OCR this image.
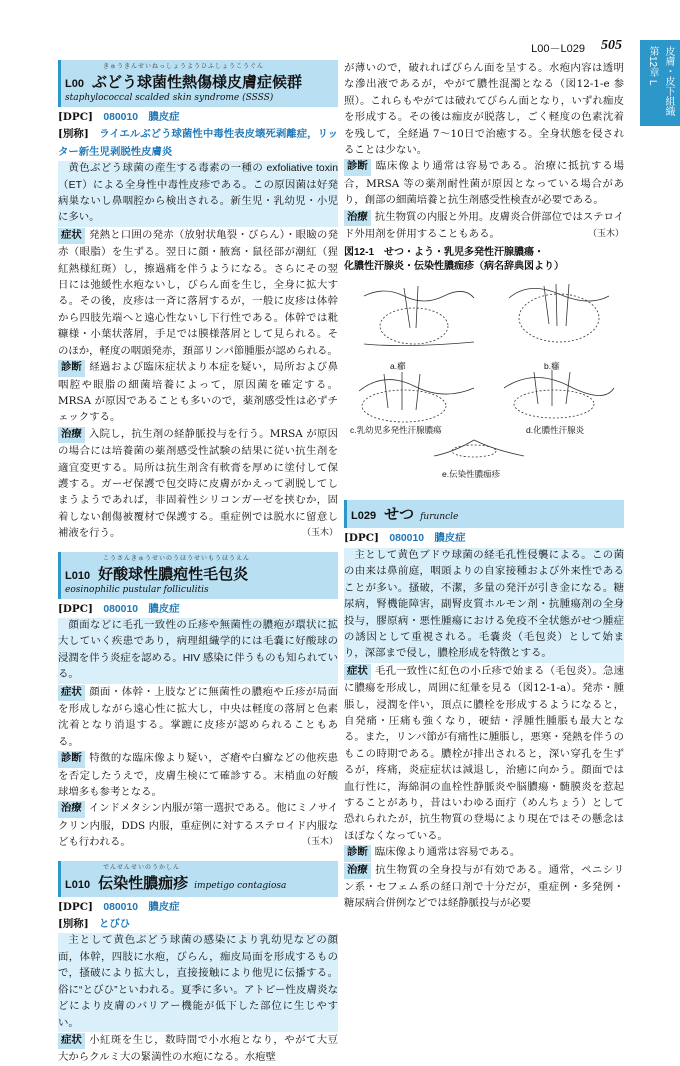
L00－L029 505
皮膚・皮下組織
第12章 L
きゅうきんせいねっしょうようひふしょうこうぐん
L00 ぶどう球菌性熱傷様皮膚症候群
staphylococcal scalded skin syndrome (SSSS)
[DPC]　 080010　 膿皮症
[別称]　 ライエルぶどう球菌性中毒性表皮壊死剥離症，リッター新生児剥脱性皮膚炎

黄色ぶどう球菌の産生する毒素の一種の exfoliative toxin（ET）による全身性中毒性皮疹である。この原因菌は好発病巣ないし鼻咽腔から検出される。新生児・乳幼児・小児に多い。

症状 発熱と口囲の発赤（放射状亀裂・びらん）・眼瞼の発赤（眼脂）を生ずる。翌日に顔・腋窩・鼠径部が潮紅（猩紅熱様紅斑）し，擦過痛を伴うようになる。さらにその翌日には弛緩性水疱ないし，びらん面を生じ，全身に拡大する。その後，皮疹は一斉に落屑するが，一般に皮疹は体幹から四肢先端へと遠心性ないし下行性である。体幹では粃糠様・小葉状落屑，手足では膜様落屑として見られる。そのほか，軽度の咽頭発赤，頚部リンパ節腫脹が認められる。
診断 経過および臨床症状より本症を疑い，局所および鼻咽腔や眼脂の細菌培養によって，原因菌を確定する。MRSA が原因であることも多いので，薬剤感受性は必ずチェックする。
治療 入院し，抗生剤の経静脈投与を行う。MRSA が原因の場合には培養菌の薬剤感受性試験の結果に従い抗生剤を適宜変更する。局所は抗生剤含有軟膏を厚めに塗付して保護する。ガーゼ保護で包交時に皮膚がかえって剥脱してしまうようであれば，非固着性シリコンガーゼを挟むか，固着しない創傷被覆材で保護する。重症例では脱水に留意し補液を行う。	（玉木）
こうさんきゅうせいのうほうせいもうほうえん
L010 好酸球性膿疱性毛包炎
eosinophilic pustular folliculitis
[DPC]　 080010　 膿皮症

顔面などに毛孔一致性の丘疹や無菌性の膿疱が環状に拡大していく疾患であり，病理組織学的には毛嚢に好酸球の浸潤を伴う炎症を認める。HIV 感染に伴うものも知られている。

症状 顔面・体幹・上肢などに無菌性の膿疱や丘疹が局面を形成しながら遠心性に拡大し，中央は軽度の落屑と色素沈着となり消退する。掌蹠に皮疹が認められることもある。
診断 特徴的な臨床像より疑い，ざ瘡や白癬などの他疾患を否定したうえで，皮膚生検にて確診する。末梢血の好酸球増多も参考となる。
治療 インドメタシン内服が第一選択である。他にミノサイクリン内服，DDS 内服，重症例に対するステロイド内服なども行われる。	（玉木）
でんせんせいのうかしん
L010 伝染性膿痂疹 impetigo contagiosa
[DPC]　 080010　 膿皮症
[別称]　 とびひ

主として黄色ぶどう球菌の感染により乳幼児などの顔面，体幹，四肢に水疱，びらん，痂皮局面を形成するもので，搔破により拡大し，直接接触により他児に伝播する。俗に“とびひ”といわれる。夏季に多い。アトピー性皮膚炎などにより皮膚のバリアー機能が低下した部位に生じやすい。

症状 小紅斑を生じ，数時間で小水疱となり，やがて大豆大からクルミ大の緊満性の水疱になる。水疱壁
が薄いので，破れればびらん面を呈する。水疱内容は透明な滲出液であるが，やがて膿性混濁となる（図12-1-e 参照）。これらもやがては破れてびらん面となり，いずれ痂皮を形成する。その後は痂皮が脱落し，ごく軽度の色素沈着を残して，全経過 7～10日で治癒する。全身状態を侵されることは少ない。
診断 臨床像より通常は容易である。治療に抵抗する場合，MRSA 等の薬剤耐性菌が原因となっている場合があり，創部の細菌培養と抗生剤感受性検査が必要である。
治療 抗生物質の内服と外用。皮膚炎合併部位ではステロイド外用剤を併用することもある。	（玉木）
図12-1　せつ・よう・乳児多発性汗腺膿瘍・
化膿性汗腺炎・伝染性膿痂疹（病名辞典図より）
a.癤	b.癰
c.乳幼児多発性汗腺膿瘍	d.化膿性汗腺炎
e.伝染性膿痂疹
L029 せつ furuncle
[DPC]　 080010　 膿皮症

主として黄色ブドウ球菌の経毛孔性侵襲による。この菌の由来は鼻前庭，咽頭よりの自家接種および外来性であることが多い。搔破，不潔，多量の発汗が引き金になる。糖尿病，腎機能障害，副腎皮質ホルモン剤・抗腫瘍剤の全身投与，膠原病・悪性腫瘍における免疫不全状態がせつ腫症の誘因として重視される。毛嚢炎（毛包炎）として始まり，深部まで侵し，膿栓形成を特徴とする。

症状 毛孔一致性に紅色の小丘疹で始まる（毛包炎）。急速に膿瘍を形成し，周囲に紅暈を見る（図12-1-a）。発赤・腫脹し，浸潤を伴い，頂点に膿栓を形成するようになると，自発痛・圧痛も強くなり，硬結・浮腫性腫脹も最大となる。また，リンパ節が有痛性に腫脹し，悪寒・発熱を伴うのもこの時期である。膿栓が排出されると，深い穿孔を生ずるが，疼痛，炎症症状は減退し，治癒に向かう。顔面では血行性に，海綿洞の血栓性静脈炎や脳膿瘍・髄膜炎を惹起することがあり，昔はいわゆる面疔（めんちょう）として恐れられたが，抗生物質の登場により現在ではその懸念はほぼなくなっている。
診断 臨床像より通常は容易である。
治療 抗生物質の全身投与が有効である。通常，ペニシリン系・セフェム系の経口剤で十分だが，重症例・多発例・糖尿病合併例などでは経静脈投与が必要
